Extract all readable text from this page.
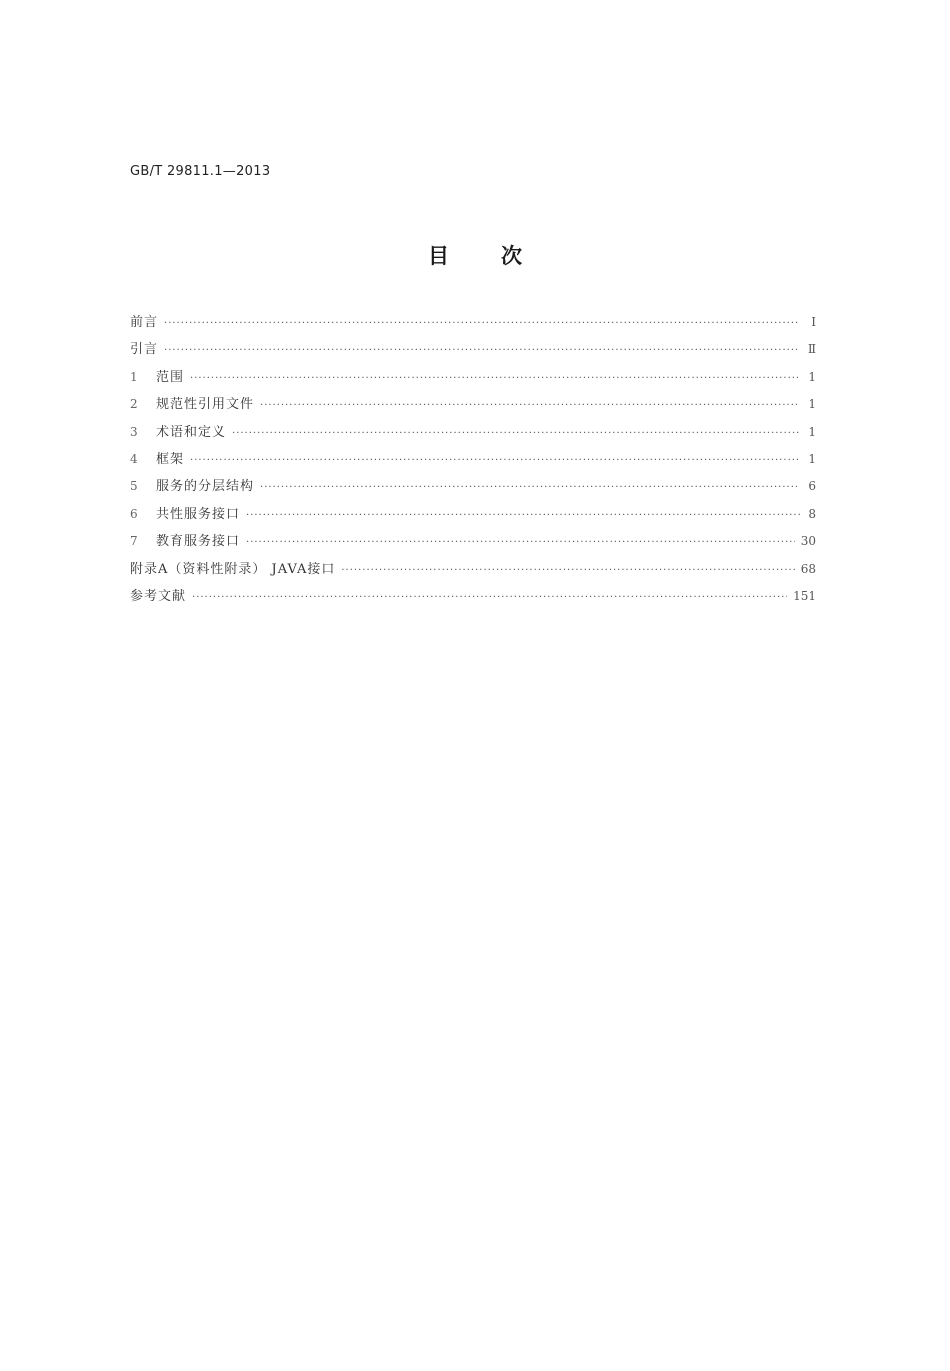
GB/T 29811.1—2013
目 次
前言 ·····	Ⅰ
引言 ·····	Ⅱ
1	范围 ·····	1
2	规范性引用文件 ·····	1
3	术语和定义 ·····	1
4	框架 ·····	1
5	服务的分层结构 ·····	6
6	共性服务接口 ·····	8
7	教育服务接口 ·····	30
附录A（资料性附录） JAVA接口 ·····	68
参考文献 ·····	151
